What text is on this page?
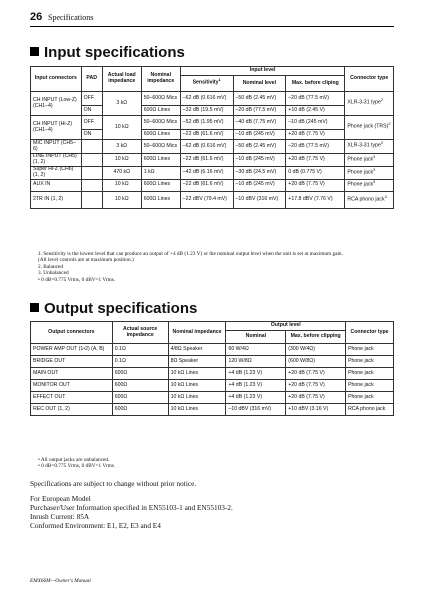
26 Specifications
Input specifications
Input connectors	PAD	Actual load impedance	Nominal impedance	Input level			Connector type
				Sensitivity$^1$	Nominal level	Max. before cliping	
CH INPUT (Low-Z) (CH1–4)	OFF	3 kΩ	50–600Ω Mics	–62 dB (0.616 mV)	–50 dB (2.45 mV)	–20 dB (77.5 mV)	XLR-3-31 type$^2$
	ON		600Ω Lines	–32 dB (19.5 mV)	–20 dB (77.5 mV)	+10 dB (2.45 V)	
CH INPUT (Hi-Z) (CH1–4)	OFF	10 kΩ	50–600Ω Mics	–52 dB (1.95 mV)	–40 dB (7.75 mV)	–10 dB (245 mV)	Phone jack (TRS)$^2$
	ON		600Ω Lines	–22 dB (61.6 mV)	–10 dB (245 mV)	+20 dB (7.75 V)	
MIC INPUT (CH5–6)		3 kΩ	50–600Ω Mics	–62 dB (0.616 mV)	–50 dB (2.45 mV)	–20 dB (77.5 mV)	XLR-3-31 type$^2$
LINE INPUT (CH5) (1, 2)		10 kΩ	600Ω Lines	–22 dB (61.6 mV)	–10 dB (245 mV)	+20 dB (7.75 V)	Phone jack$^3$
Super Hi-Z (CH6) (1, 2)		470 kΩ	1 kΩ	–42 dB (6.16 mV)	–30 dB (24.5 mV)	0 dB (0.775 V)	Phone jack$^3$
AUX IN		10 kΩ	600Ω Lines	–22 dB (61.6 mV)	–10 dB (245 mV)	+20 dB (7.75 V)	Phone jack$^3$
2TR IN (1, 2)		10 kΩ	600Ω Lines	–22 dBV (79.4 mV)	–10 dBV (316 mV)	+17.8 dBV (7.76 V)	RCA phono jack$^3$
1. Sensitivity is the lowest level that can produce an output of +4 dB (1.23 V) or the nominal output level when the unit is set at maximum gain.
(All level controls are at maximum position.)
2. Balanced
3. Unbalanced
• 0 dB=0.775 Vrms, 0 dBV=1 Vrms.
Output specifications
Output connectors	Actual source impedance	Nominal impedance	Output level		Connector type
			Nominal	Max. before clipping	
POWER AMP OUT (1•2) (A, B)	0.1Ω	4/8Ω Speaker	60 W/4Ω	(300 W/4Ω)	Phone jack
BRIDGE OUT	0.1Ω	8Ω Speaker	120 W/8Ω	(600 W/8Ω)	Phone jack
MAIN OUT	600Ω	10 kΩ Lines	+4 dB (1.23 V)	+20 dB (7.75 V)	Phone jack
MONITOR OUT	600Ω	10 kΩ Lines	+4 dB (1.23 V)	+20 dB (7.75 V)	Phone jack
EFFECT OUT	600Ω	10 kΩ Lines	+4 dB (1.23 V)	+20 dB (7.75 V)	Phone jack
REC OUT (1, 2)	600Ω	10 kΩ Lines	–10 dBV (316 mV)	+10 dBV (3.16 V)	RCA phono jack
• All output jacks are unbalanced.
• 0 dB=0.775 Vrms, 0 dBV=1 Vrms.
Specifications are subject to change without prior notice.
For European Model
Purchaser/User Information specified in EN55103-1 and EN55103-2.
Inrush Current: 85A
Conformed Environment: E1, E2, E3 and E4
EMX66M—Owner's Manual
